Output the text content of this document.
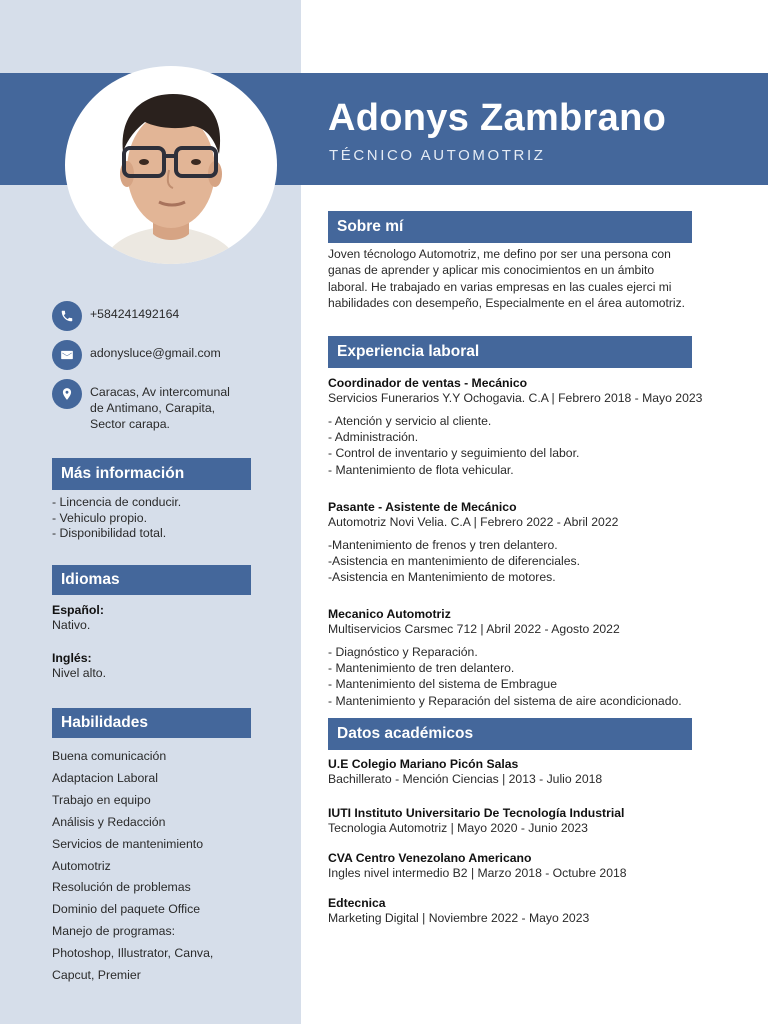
Adonys Zambrano
TÉCNICO AUTOMOTRIZ
+584241492164
adonysluce@gmail.com
Caracas, Av intercomunal
de Antimano, Carapita,
Sector carapa.
Más información
- Lincencia de conducir.
- Vehiculo propio.
- Disponibilidad total.
Idiomas
Español:
Nativo.
Inglés:
Nivel alto.
Habilidades
Buena comunicación
Adaptacion Laboral
Trabajo en equipo
Análisis y Redacción
Servicios de mantenimiento
Automotriz
Resolución de problemas
Dominio del paquete Office
Manejo de programas:
Photoshop, Illustrator, Canva,
Capcut, Premier
Sobre mí
Joven técnologo Automotriz, me defino por ser una persona con ganas de aprender y aplicar mis conocimientos en un ámbito laboral. He trabajado en varias empresas en las cuales ejerci mi habilidades con desempeño, Especialmente en el área automotriz.
Experiencia laboral
Coordinador de ventas - Mecánico
Servicios Funerarios Y.Y Ochogavia. C.A | Febrero 2018 - Mayo 2023
- Atención y servicio al cliente.
- Administración.
- Control de inventario y seguimiento del labor.
- Mantenimiento de flota vehicular.
Pasante - Asistente de Mecánico
Automotriz Novi Velia. C.A | Febrero 2022 - Abril 2022
-Mantenimiento de frenos y tren delantero.
-Asistencia en mantenimiento de diferenciales.
-Asistencia en Mantenimiento de motores.
Mecanico Automotriz
Multiservicios Carsmec 712 | Abril 2022 - Agosto 2022
- Diagnóstico y Reparación.
- Mantenimiento de tren delantero.
- Mantenimiento del sistema de Embrague
- Mantenimiento y Reparación del sistema de aire acondicionado.
Datos académicos
U.E Colegio Mariano Picón Salas
Bachillerato - Mención Ciencias | 2013 - Julio 2018
IUTI Instituto Universitario De Tecnología Industrial
Tecnologia Automotriz | Mayo 2020 - Junio 2023
CVA Centro Venezolano Americano
Ingles nivel intermedio B2 | Marzo 2018 - Octubre 2018
Edtecnica
Marketing Digital | Noviembre 2022 - Mayo 2023
